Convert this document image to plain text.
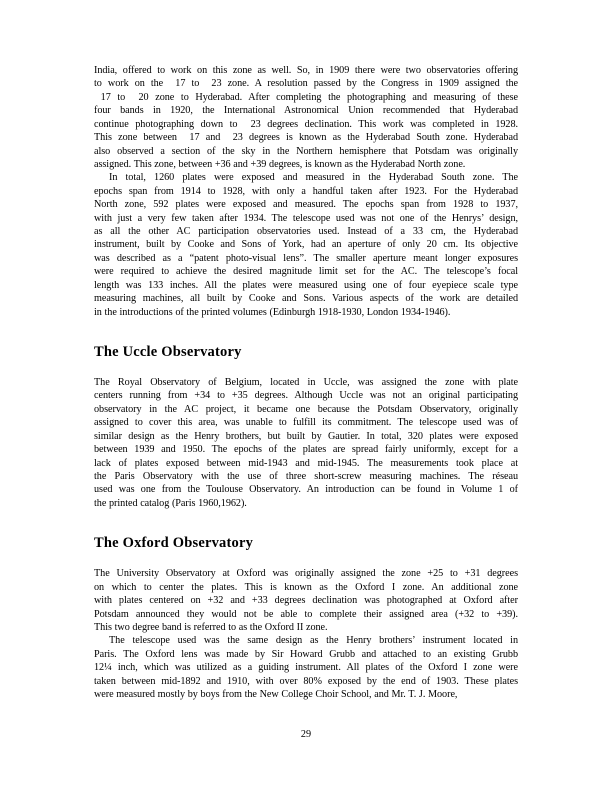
India, offered to work on this zone as well. So, in 1909 there were two observatories offering
to work on the  17 to  23 zone. A resolution passed by the Congress in 1909 assigned the
17 to  20 zone to Hyderabad. After completing the photographing and measuring of these
four bands in 1920, the International Astronomical Union recommended that Hyderabad
continue photographing down to  23 degrees declination. This work was completed in 1928.
This zone between  17 and  23 degrees is known as the Hyderabad South zone. Hyderabad
also observed a section of the sky in the Northern hemisphere that Potsdam was originally
assigned. This zone, between +36 and +39 degrees, is known as the Hyderabad North zone.
In total, 1260 plates were exposed and measured in the Hyderabad South zone. The
epochs span from 1914 to 1928, with only a handful taken after 1923. For the Hyderabad
North zone, 592 plates were exposed and measured. The epochs span from 1928 to 1937,
with just a very few taken after 1934. The telescope used was not one of the Henrys’ design,
as all the other AC participation observatories used. Instead of a 33 cm, the Hyderabad
instrument, built by Cooke and Sons of York, had an aperture of only 20 cm. Its objective
was described as a “patent photo-visual lens”. The smaller aperture meant longer exposures
were required to achieve the desired magnitude limit set for the AC. The telescope’s focal
length was 133 inches. All the plates were measured using one of four eyepiece scale type
measuring machines, all built by Cooke and Sons. Various aspects of the work are detailed
in the introductions of the printed volumes (Edinburgh 1918-1930, London 1934-1946).
The Uccle Observatory
The Royal Observatory of Belgium, located in Uccle, was assigned the zone with plate
centers running from +34 to +35 degrees. Although Uccle was not an original participating
observatory in the AC project, it became one because the Potsdam Observatory, originally
assigned to cover this area, was unable to fulfill its commitment. The telescope used was of
similar design as the Henry brothers, but built by Gautier. In total, 320 plates were exposed
between 1939 and 1950. The epochs of the plates are spread fairly uniformly, except for a
lack of plates exposed between mid-1943 and mid-1945. The measurements took place at
the Paris Observatory with the use of three short-screw measuring machines. The réseau
used was one from the Toulouse Observatory. An introduction can be found in Volume 1 of
the printed catalog (Paris 1960,1962).
The Oxford Observatory
The University Observatory at Oxford was originally assigned the zone +25 to +31 degrees
on which to center the plates. This is known as the Oxford I zone. An additional zone
with plates centered on +32 and +33 degrees declination was photographed at Oxford after
Potsdam announced they would not be able to complete their assigned area (+32 to +39).
This two degree band is referred to as the Oxford II zone.
The telescope used was the same design as the Henry brothers’ instrument located in
Paris. The Oxford lens was made by Sir Howard Grubb and attached to an existing Grubb
12¼ inch, which was utilized as a guiding instrument. All plates of the Oxford I zone were
taken between mid-1892 and 1910, with over 80% exposed by the end of 1903. These plates
were measured mostly by boys from the New College Choir School, and Mr. T. J. Moore,
29
